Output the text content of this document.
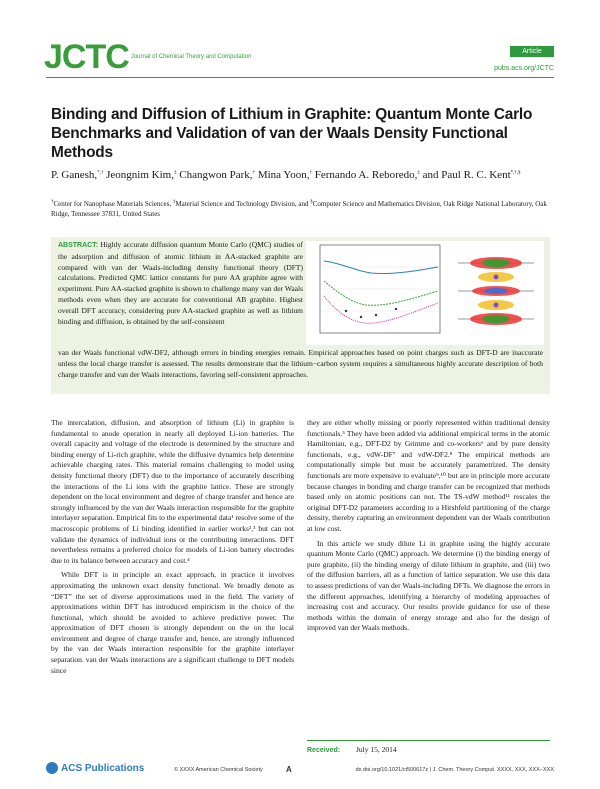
JCTC Journal of Chemical Theory and Computation
Article
pubs.acs.org/JCTC
Binding and Diffusion of Lithium in Graphite: Quantum Monte Carlo Benchmarks and Validation of van der Waals Density Functional Methods
P. Ganesh,*,† Jeongnim Kim,‡ Changwon Park,† Mina Yoon,† Fernando A. Reboredo,‡ and Paul R. C. Kent*,†,§
†Center for Nanophase Materials Sciences, ‡Material Science and Technology Division, and §Computer Science and Mathematics Division, Oak Ridge National Laboratory, Oak Ridge, Tennessee 37831, United States
ABSTRACT: Highly accurate diffusion quantum Monte Carlo (QMC) studies of the adsorption and diffusion of atomic lithium in AA-stacked graphite are compared with van der Waals-including density functional theory (DFT) calculations. Predicted QMC lattice constants for pure AA graphite agree with experiment. Pure AA-stacked graphite is shown to challenge many van der Waals methods even when they are accurate for conventional AB graphite. Highest overall DFT accuracy, considering pure AA-stacked graphite as well as lithium binding and diffusion, is obtained by the self-consistent
van der Waals functional vdW-DF2, although errors in binding energies remain. Empirical approaches based on point charges such as DFT-D are inaccurate unless the local charge transfer is assessed. The results demonstrate that the lithium−carbon system requires a simultaneous highly accurate description of both charge transfer and van der Waals interactions, favoring self-consistent approaches.

The intercalation, diffusion, and absorption of lithium (Li) in graphite is fundamental to anode operation in nearly all deployed Li-ion batteries. The overall capacity and voltage of the electrode is determined by the structure and binding energy of Li-rich graphite, while the diffusive dynamics help determine achievable charging rates. This material remains challenging to model using density functional theory (DFT) due to the importance of accurately describing the interactions of the Li ions with the graphite lattice. These are strongly dependent on the local environment and degree of charge transfer and hence are strongly influenced by the van der Waals interaction responsible for the graphite interlayer separation. Empirical fits to the experimental data¹ resolve some of the macroscopic problems of Li binding identified in earlier works²,³ but can not validate the dynamics of individual ions or the contributing interactions. DFT nevertheless remains a preferred choice for models of Li-ion battery electrodes due to its balance between accuracy and cost.⁴

While DFT is in principle an exact approach, in practice it involves approximating the unknown exact density functional. We broadly denote as “DFT” the set of diverse approximations used in the field. The variety of approximations within DFT has introduced empiricism in the choice of the functional, which should be avoided to achieve predictive power. The approximation of DFT chosen is strongly dependent on the on the local environment and degree of charge transfer and, hence, are strongly influenced by the van der Waals interaction responsible for the graphite interlayer separation. van der Waals interactions are a significant challenge to DFT models since

they are either wholly missing or poorly represented within traditional density functionals.⁵ They have been added via additional empirical terms in the atomic Hamiltonian, e.g., DFT-D2 by Grimme and co-workers⁶ and by pure density functionals, e.g., vdW-DF⁷ and vdW-DF2.⁸ The empirical methods are computationally simple but must be accurately parametrized. The density functionals are more expensive to evaluate⁹,¹⁰ but are in principle more accurate because changes in bonding and charge transfer can be recognized that methods based only on atomic positions can not. The TS-vdW method¹¹ rescales the original DFT-D2 parameters according to a Hirshfeld partitioning of the charge density, thereby capturing an environment dependent van der Waals contribution at low cost.

In this article we study dilute Li in graphite using the highly accurate quantum Monte Carlo (QMC) approach. We determine (i) the binding energy of pure graphite, (ii) the binding energy of dilute lithium in graphite, and (iii) two of the diffusion barriers, all as a function of lattice separation. We use this data to assess predictions of van der Waals-including DFTs. We diagnose the errors in the different approaches, identifying a hierarchy of modeling approaches of increasing cost and accuracy. Our results provide guidance for use of these methods within the domain of energy storage and also for the design of improved van der Waals methods.

Received: July 15, 2014
ACS Publications	© XXXX American Chemical Society	A	dx.doi.org/10.1021/ct500617z | J. Chem. Theory Comput. XXXX, XXX, XXX−XXX
